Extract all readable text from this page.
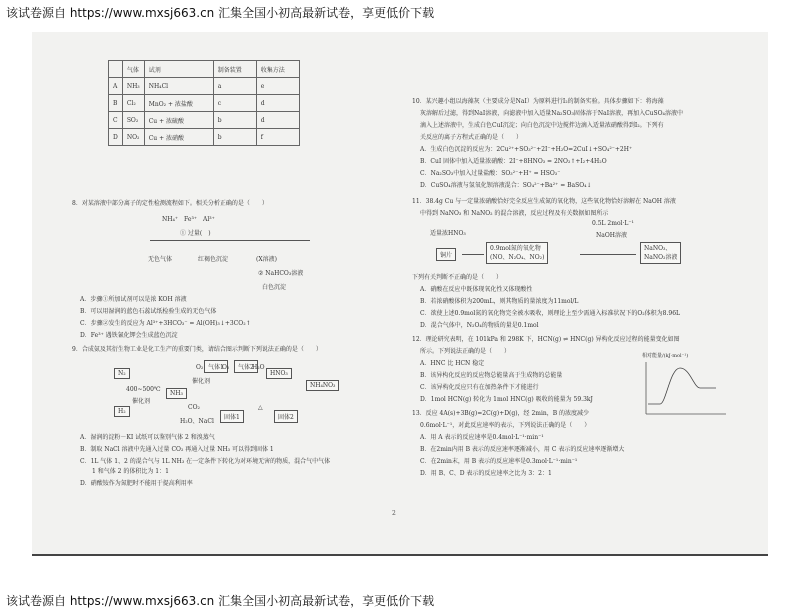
该试卷源自 https://www.mxsj663.cn 汇集全国小初高最新试卷，享更低价下载
	气体	试剂	制备装置	收集方法
A	NH₃	NH₄Cl	a	e
B	Cl₂	MnO₂ + 浓盐酸	c	d
C	SO₂	Cu + 浓硫酸	b	d
D	NO₂	Cu + 浓硝酸	b	f
8．对某溶液中部分离子的定性检测流程如下。相关分析正确的是（　　）
NH₄⁺　Fe³⁺　Al³⁺
① 过量(　)
无色气体	红褐色沉淀	(X溶液)
② NaHCO₃溶液
白色沉淀
A．步骤①所加试剂可以是浓 KOH 溶液
B．可以用湿润的蓝色石蕊试纸检验生成的无色气体
C．步骤②发生的反应为 Al³⁺+3HCO₃⁻ = Al(OH)₃↓+3CO₂↑
D．Fe³⁺ 遇铁氰化钾会生成蓝色沉淀
9．合成氨及其衍生物工业是化工生产的重要门类，请结合图示判断下列说法正确的是（　　）
N₂
H₂
400~500℃
催化剂
NH₃
O₂
催化剂
气体1
O₂	气体2
H₂O
HNO₃
NH₄NO₃
CO₂
H₂O、NaCl
固体1
△
固体2
A．湿润的淀粉－KI 试纸可以鉴别气体 2 和溴蒸气
B．制取 NaCl 溶液中先通入过量 CO₂ 再通入过量 NH₃ 可以得到固体 1
C．1L 气体 1、2 的混合气与 1L NH₃ 在一定条件下转化为对环境无害的物质，混合气中气体
　　1 和气体 2 的体积比为 1：1
D．硝酸铵作为氮肥时不能用于提高利用率
10．某兴趣小组以海藻灰（主要成分是NaI）为原料进行I₂的制备实验。具体步骤如下：将海藻
灰溶解后过滤，得到NaI溶液，向滤液中加入适量Na₂SO₃固体溶于NaI溶液，再加入CuSO₄溶液中
滴入上述溶液中，生成白色CuI沉淀；向白色沉淀中边搅拌边滴入适量浓硝酸得到I₂。下列有
关反应的离子方程式正确的是（　　）
A．生成白色沉淀的反应为：2Cu²⁺+SO₃²⁻+2I⁻+H₂O=2CuI↓+SO₄²⁻+2H⁺
B．CuI 固体中加入适量浓硝酸：2I⁻+8HNO₃ = 2NO₂↑+I₂+4H₂O
C．Na₂SO₃中加入过量盐酸：SO₃²⁻+H⁺ = HSO₃⁻
D．CuSO₄溶液与氢氧化钡溶液混合：SO₄²⁻+Ba²⁺ = BaSO₄↓
11．38.4g Cu 与一定量浓硝酸恰好完全反应生成氮的氧化物，这些氧化物恰好溶解在 NaOH 溶液
中得到 NaNO₃ 和 NaNO₂ 的混合溶液，反应过程及有关数据如图所示
适量浓HNO₃
铜片
0.9mol氮的氧化物
(NO、N₂O₄、NO₂)
0.5L 2mol·L⁻¹
NaOH溶液
NaNO₃、
NaNO₂溶液
下列有关判断不正确的是（　　）
A．硝酸在反应中既体现氧化性又体现酸性
B．若浓硝酸体积为200mL，则其物质的量浓度为11mol/L
C．欲使上述0.9mol氮的氧化物完全被水吸收，则理论上至少需通入标准状况下的O₂体积为8.96L
D．混合气体中，N₂O₄的物质的量是0.1mol
12．理论研究表明，在 101kPa 和 298K 下，HCN(g) ⇌ HNC(g) 异构化反应过程的能量变化如图
所示。下列说法正确的是（　　）
A．HNC 比 HCN 稳定
B．该异构化反应的反应物总能量高于生成物的总能量
C．该异构化反应只有在加热条件下才能进行
D．1mol HCN(g) 转化为 1mol HNC(g) 吸收的能量为 59.3kJ
相对能量/(kJ·mol⁻¹)
13．反应 4A(s)+3B(g)=2C(g)+D(g)，经 2min，B 的浓度减少
0.6mol·L⁻¹，对此反应速率的表示，下列说法正确的是（　　）
A．用 A 表示的反应速率是0.4mol·L⁻¹·min⁻¹
B．在2min内用 B 表示的反应速率逐渐减小，用 C 表示的反应速率逐渐增大
C．在2min末，用 B 表示的反应速率是0.3mol·L⁻¹·min⁻¹
D．用 B、C、D 表示的反应速率之比为 3：2：1
2
该试卷源自 https://www.mxsj663.cn 汇集全国小初高最新试卷，享更低价下载
